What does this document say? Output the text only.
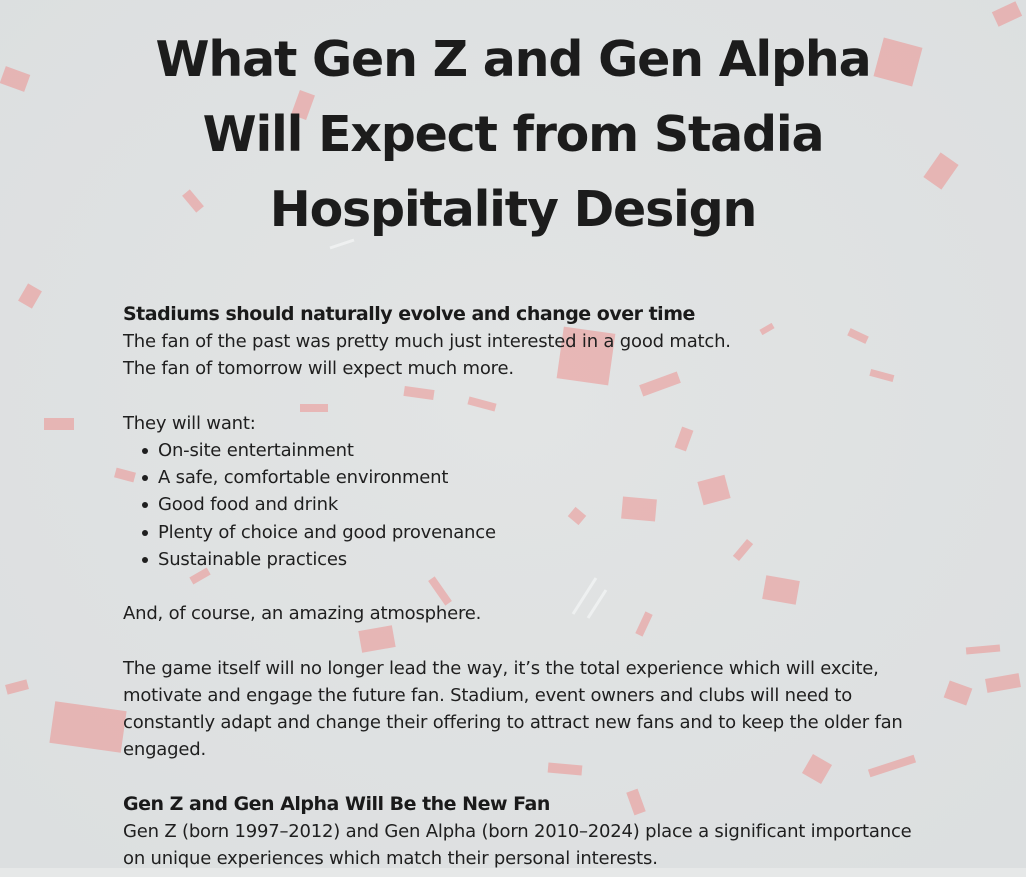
What Gen Z and Gen Alpha Will Expect from Stadia Hospitality Design
Stadiums should naturally evolve and change over time

The fan of the past was pretty much just interested in a good match.

The fan of tomorrow will expect much more.

They will want:

On-site entertainment
A safe, comfortable environment
Good food and drink
Plenty of choice and good provenance
Sustainable practices

And, of course, an amazing atmosphere.

The game itself will no longer lead the way, it’s the total experience which will excite, motivate and engage the future fan. Stadium, event owners and clubs will need to constantly adapt and change their offering to attract new fans and to keep the older fan engaged.

Gen Z and Gen Alpha Will Be the New Fan

Gen Z (born 1997–2012) and Gen Alpha (born 2010–2024) place a significant importance on unique experiences which match their personal interests.
